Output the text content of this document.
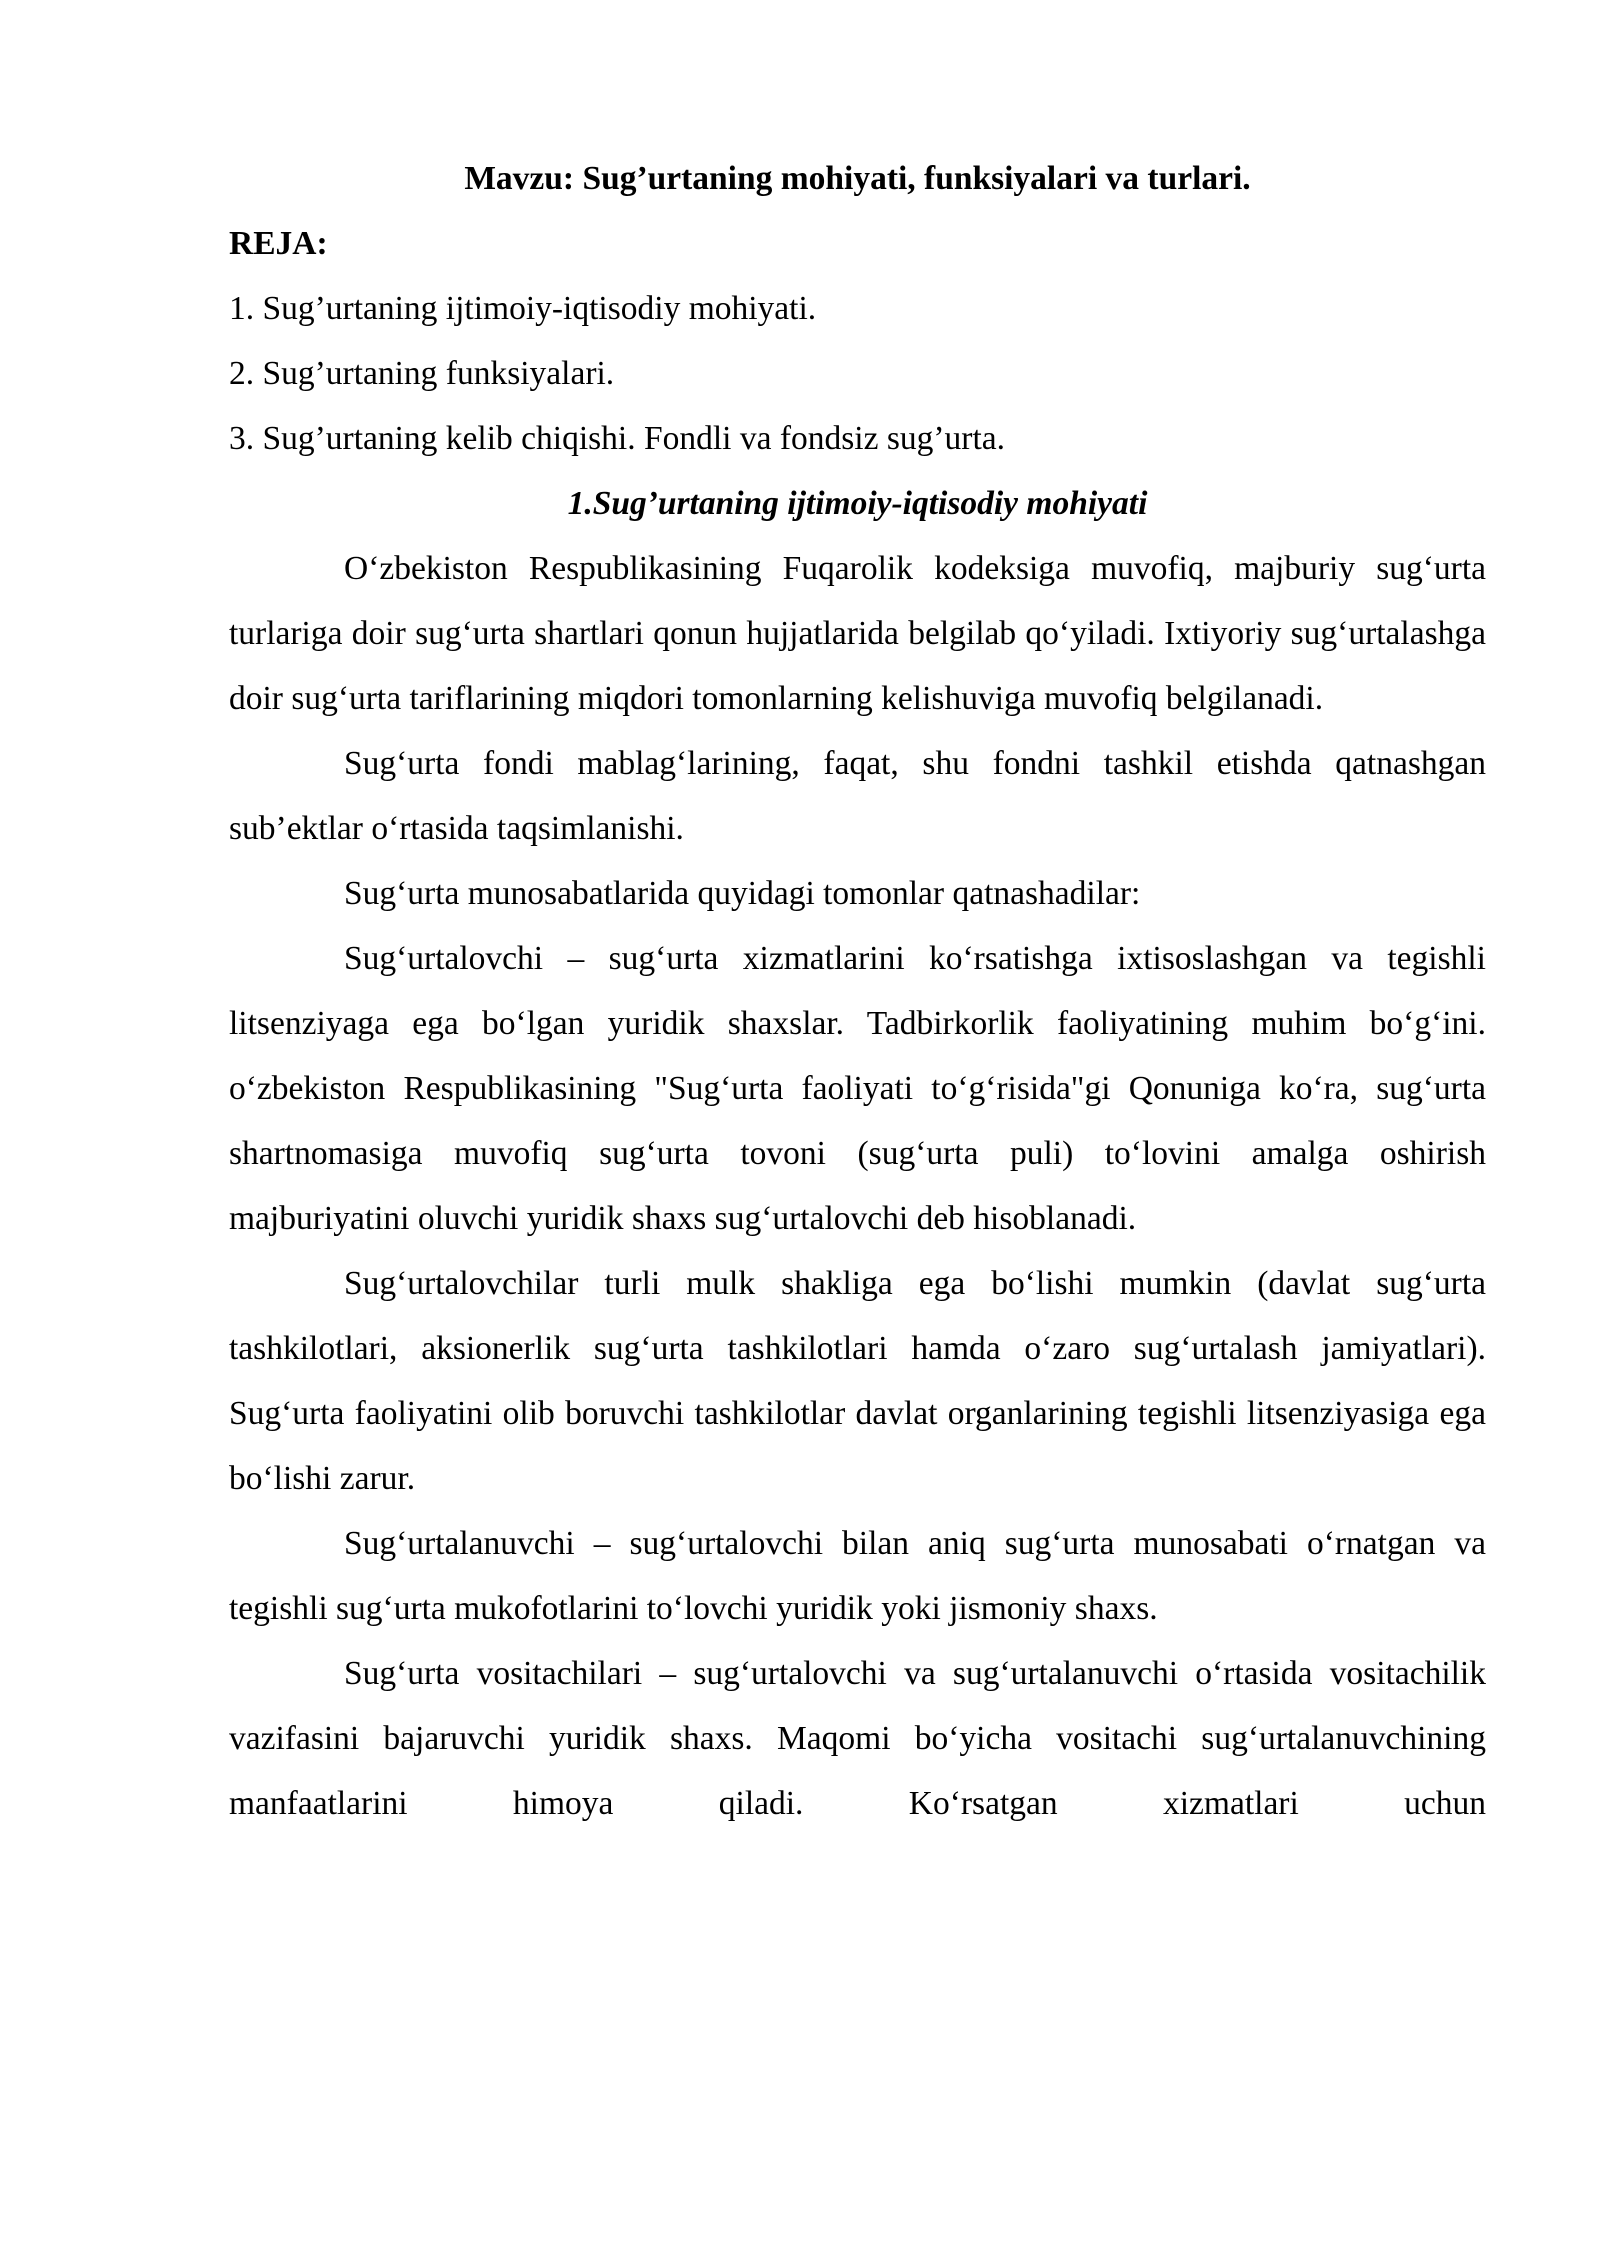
Mavzu: Sug’urtaning mohiyati, funksiyalari va turlari.

REJA:

1. Sug’urtaning ijtimoiy-iqtisodiy mohiyati.

2. Sug’urtaning funksiyalari.

3. Sug’urtaning kelib chiqishi. Fondli va fondsiz sug’urta.

1.Sug’urtaning ijtimoiy-iqtisodiy mohiyati

O‘zbekiston Respublikasining Fuqarolik kodeksiga muvofiq, majburiy sug‘urta turlariga doir sug‘urta shartlari qonun hujjatlarida belgilab qo‘yiladi. Ixtiyoriy sug‘urtalashga doir sug‘urta tariflarining miqdori tomonlarning kelishuviga muvofiq belgilanadi.

Sug‘urta fondi mablag‘larining, faqat, shu fondni tashkil etishda qatnashgan sub’ektlar o‘rtasida taqsimlanishi.

Sug‘urta munosabatlarida quyidagi tomonlar qatnashadilar:

Sug‘urtalovchi – sug‘urta xizmatlarini ko‘rsatishga ixtisoslashgan va tegishli litsenziyaga ega bo‘lgan yuridik shaxslar. Tadbirkorlik faoliyatining muhim bo‘g‘ini. o‘zbekiston Respublikasining "Sug‘urta faoliyati to‘g‘risida"gi Qonuniga ko‘ra, sug‘urta shartnomasiga muvofiq sug‘urta tovoni (sug‘urta puli) to‘lovini amalga oshirish majburiyatini oluvchi yuridik shaxs sug‘urtalovchi deb hisoblanadi.

Sug‘urtalovchilar turli mulk shakliga ega bo‘lishi mumkin (davlat sug‘urta tashkilotlari, aksionerlik sug‘urta tashkilotlari hamda o‘zaro sug‘urtalash jamiyatlari). Sug‘urta faoliyatini olib boruvchi tashkilotlar davlat organlarining tegishli litsenziyasiga ega bo‘lishi zarur.

Sug‘urtalanuvchi – sug‘urtalovchi bilan aniq sug‘urta munosabati o‘rnatgan va tegishli sug‘urta mukofotlarini to‘lovchi yuridik yoki jismoniy shaxs.

Sug‘urta vositachilari – sug‘urtalovchi va sug‘urtalanuvchi o‘rtasida vositachilik vazifasini bajaruvchi yuridik shaxs. Maqomi bo‘yicha vositachi sug‘urtalanuvchining manfaatlarini himoya qiladi. Ko‘rsatgan xizmatlari uchun
